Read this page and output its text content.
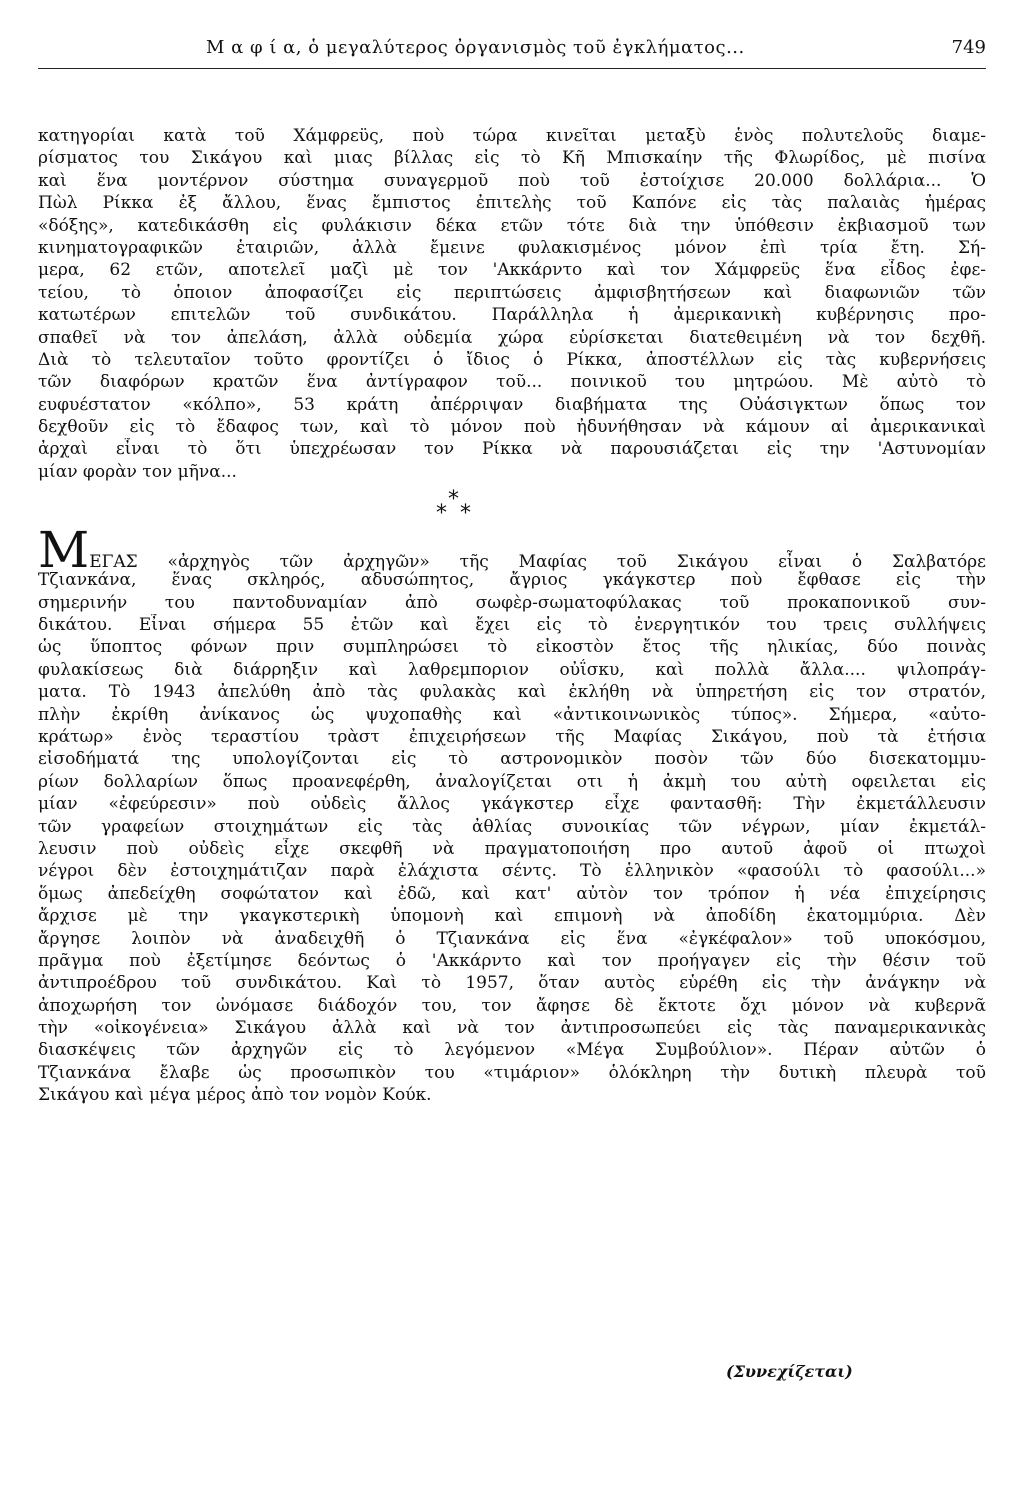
Μ α φ ί α, ὁ μεγαλύτερος ὀργανισμὸς τοῦ ἐγκλήματος...	749
κατηγορίαι κατὰ τοῦ Χάμφρεϋς, ποὺ τώρα κινεῖται μεταξὺ ἑνὸς πολυτελοῦς διαμε-
ρίσματος του Σικάγου καὶ μιας βίλλας εἰς τὸ Κῆ Μπισκαίην τῆς Φλωρίδος, μὲ πισίνα
καὶ ἕνα μοντέρνον σύστημα συναγερμοῦ ποὺ τοῦ ἐστοίχισε 20.000 δολλάρια... Ὁ
Πὼλ Ρίκκα ἐξ ἄλλου, ἕνας ἔμπιστος ἐπιτελὴς τοῦ Καπόνε εἰς τὰς παλαιὰς ἡμέρας
«δόξης», κατεδικάσθη εἰς φυλάκισιν δέκα ετῶν τότε διὰ την ὑπόθεσιν ἐκβιασμοῦ των
κινηματογραφικῶν ἑταιριῶν, ἀλλὰ ἔμεινε φυλακισμένος μόνον ἐπὶ τρία ἔτη. Σή-
μερα, 62 ετῶν, αποτελεῖ μαζὶ μὲ τον 'Ακκάρντο καὶ τον Χάμφρεϋς ἕνα εἶδος ἐφε-
τείου, τὸ ὁποιον ἀποφασίζει εἰς περιπτώσεις ἀμφισβητήσεων καὶ διαφωνιῶν τῶν
κατωτέρων επιτελῶν τοῦ συνδικάτου. Παράλληλα ἡ ἀμερικανικὴ κυβέρνησις προ-
σπαθεῖ νὰ τον ἀπελάση, ἀλλὰ οὐδεμία χώρα εὑρίσκεται διατεθειμένη νὰ τον δεχθῆ.
Διὰ τὸ τελευταῖον τοῦτο φροντίζει ὁ ἴδιος ὁ Ρίκκα, ἀποστέλλων εἰς τὰς κυβερνήσεις
τῶν διαφόρων κρατῶν ἕνα ἀντίγραφον τοῦ... ποινικοῦ του μητρώου. Μὲ αὐτὸ τὸ
ευφυέστατον «κόλπο», 53 κράτη ἀπέρριψαν διαβήματα της Οὐάσιγκτων ὅπως τον
δεχθοῦν εἰς τὸ ἔδαφος των, καὶ τὸ μόνον ποὺ ἠδυνήθησαν νὰ κάμουν αἱ ἀμερικανικαὶ
ἀρχαὶ εἶναι τὸ ὅτι ὑπεχρέωσαν τον Ρίκκα νὰ παρουσιάζεται εἰς την 'Αστυνομίαν
μίαν φορὰν τον μῆνα...
*
* *
Μ ΕΓΑΣ «ἀρχηγὸς τῶν ἀρχηγῶν» τῆς Μαφίας τοῦ Σικάγου εἶναι ὁ Σαλβατόρε
Τζιανκάνα, ἕνας σκληρός, αδυσώπητος, ἄγριος γκάγκστερ ποὺ ἔφθασε εἰς τὴν
σημερινήν του παντοδυναμίαν ἀπὸ σωφὲρ-σωματοφύλακας τοῦ προκαπονικοῦ συν-
δικάτου. Εἶναι σήμερα 55 ἐτῶν καὶ ἔχει εἰς τὸ ἐνεργητικόν του τρεις συλλήψεις
ὡς ὕποπτος φόνων πριν συμπληρώσει τὸ εἰκοστὸν ἔτος τῆς ηλικίας, δύο ποινὰς
φυλακίσεως διὰ διάρρηξιν καὶ λαθρεμποριον οὐΐσκυ, καὶ πολλὰ ἄλλα.... ψιλοπράγ-
ματα. Τὸ 1943 ἀπελύθη ἀπὸ τὰς φυλακὰς καὶ ἐκλήθη νὰ ὑπηρετήση εἰς τον στρατόν,
πλὴν ἐκρίθη ἀνίκανος ὡς ψυχοπαθὴς καὶ «ἀντικοινωνικὸς τύπος». Σήμερα, «αὐτο-
κράτωρ» ἑνὸς τεραστίου τρὰστ ἐπιχειρήσεων τῆς Μαφίας Σικάγου, ποὺ τὰ ἐτήσια
εἰσοδήματά της υπολογίζονται εἰς τὸ αστρονομικὸν ποσὸν τῶν δύο δισεκατομμυ-
ρίων δολλαρίων ὅπως προανεφέρθη, ἀναλογίζεται οτι ἡ ἀκμὴ του αὐτὴ οφειλεται εἰς
μίαν «ἐφεύρεσιν» ποὺ οὐδεὶς ἄλλος γκάγκστερ εἶχε φαντασθῆ: Τὴν ἐκμετάλλευσιν
τῶν γραφείων στοιχημάτων εἰς τὰς ἀθλίας συνοικίας τῶν νέγρων, μίαν ἐκμετάλ-
λευσιν ποὺ οὐδεὶς εἶχε σκεφθῆ νὰ πραγματοποιήση προ αυτοῦ ἀφοῦ οἱ πτωχοὶ
νέγροι δὲν ἐστοιχημάτιζαν παρὰ ἐλάχιστα σέντς. Τὸ ἑλληνικὸν «φασούλι τὸ φασούλι...»
ὅμως ἀπεδείχθη σοφώτατον καὶ ἐδῶ, καὶ κατ' αὐτὸν τον τρόπον ἡ νέα ἐπιχείρησις
ἄρχισε μὲ την γκαγκστερικὴ ὑπομονὴ καὶ επιμονὴ νὰ ἀποδίδη ἑκατομμύρια. Δὲν
ἄργησε λοιπὸν νὰ ἀναδειχθῆ ὁ Τζιανκάνα εἰς ἕνα «ἐγκέφαλον» τοῦ υποκόσμου,
πρᾶγμα ποὺ ἐξετίμησε δεόντως ὁ 'Ακκάρντο καὶ τον προήγαγεν εἰς τὴν θέσιν τοῦ
ἀντιπροέδρου τοῦ συνδικάτου. Καὶ τὸ 1957, ὅταν αυτὸς εὑρέθη εἰς τὴν ἀνάγκην νὰ
ἀποχωρήση τον ὠνόμασε διάδοχόν του, τον ἄφησε δὲ ἔκτοτε ὄχι μόνον νὰ κυβερνᾶ
τὴν «οἰκογένεια» Σικάγου ἀλλὰ καὶ νὰ τον ἀντιπροσωπεύει εἰς τὰς παναμερικανικὰς
διασκέψεις τῶν ἀρχηγῶν εἰς τὸ λεγόμενον «Μέγα Συμβούλιον». Πέραν αὐτῶν ὁ
Τζιανκάνα ἔλαβε ὡς προσωπικὸν του «τιμάριον» ὁλόκληρη τὴν δυτικὴ πλευρὰ τοῦ
Σικάγου καὶ μέγα μέρος ἀπὸ τον νομὸν Κούκ.
(Συνεχίζεται)
